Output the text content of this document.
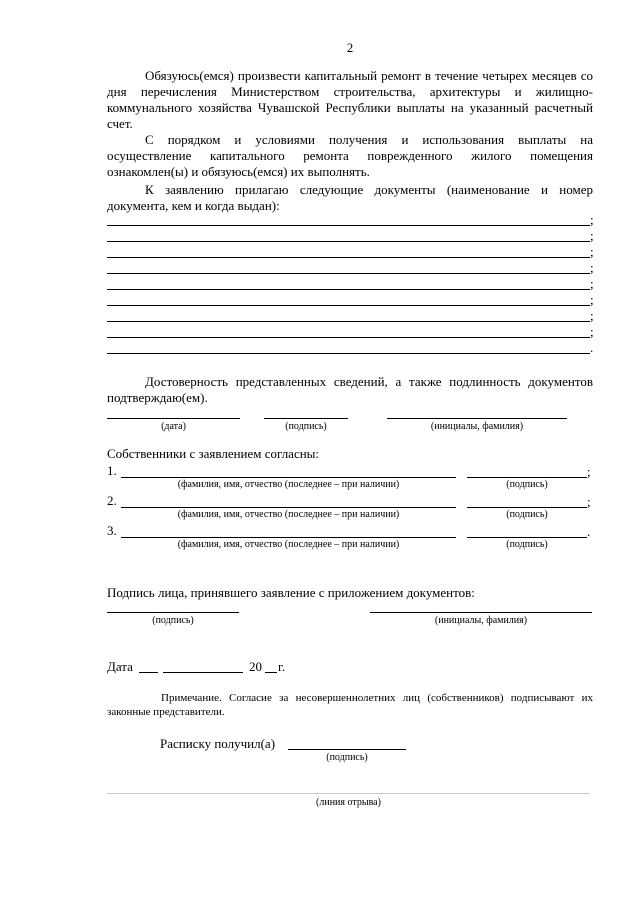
2
Обязуюсь(емся) произвести капитальный ремонт в течение четырех месяцев со дня перечисления Министерством строительства, архитектуры и жилищно-коммунального хозяйства Чувашской Республики выплаты на указанный расчетный счет.
С порядком и условиями получения и использования выплаты на осуществление капитального ремонта поврежденного жилого помещения ознакомлен(ы) и обязуюсь(емся) их выполнять.
К заявлению прилагаю следующие документы (наименование и номер документа, кем и когда выдан):
;
;
;
;
;
;
;
;
.
Достоверность представленных сведений, а также подлинность документов подтверждаю(ем).
(дата)	(подпись)	(инициалы, фамилия)
Собственники с заявлением согласны:
1.	;
(фамилия, имя, отчество (последнее – при наличии)	(подпись)
2.	;
(фамилия, имя, отчество (последнее – при наличии)	(подпись)
3.	.
(фамилия, имя, отчество (последнее – при наличии)	(подпись)
Подпись лица, принявшего заявление с приложением документов:
(подпись)	(инициалы, фамилия)
Дата	20 г.
Примечание. Согласие за несовершеннолетних лиц (собственников) подписывают их законные представители.
Расписку получил(а)
(подпись)
(линия отрыва)
